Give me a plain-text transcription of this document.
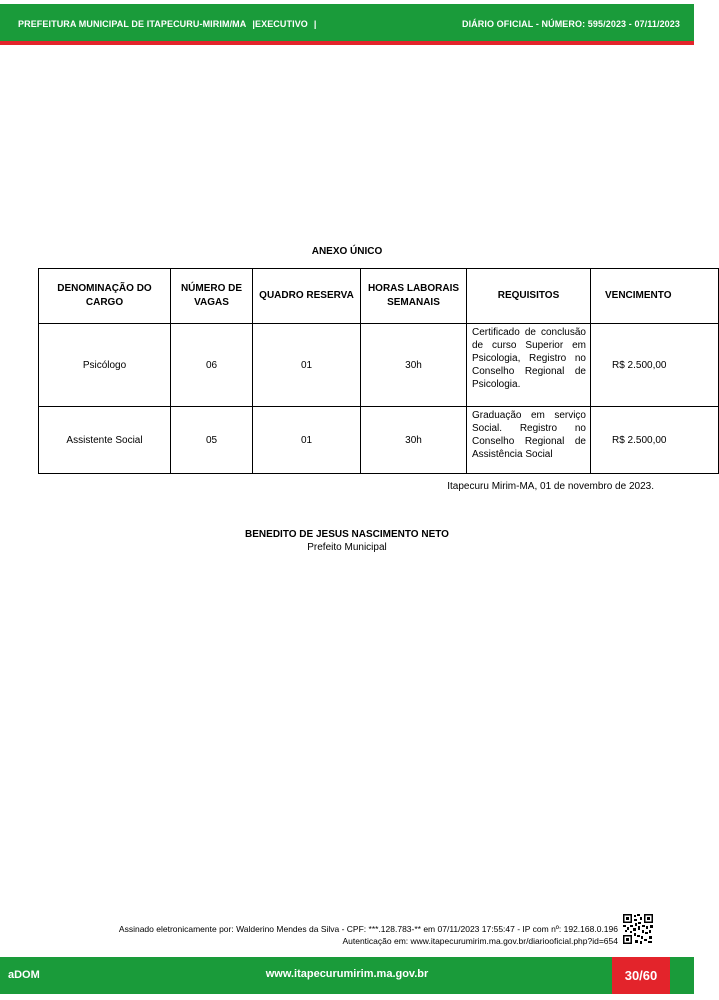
PREFEITURA MUNICIPAL DE ITAPECURU-MIRIM/MA |EXECUTIVO |	DIÁRIO OFICIAL - NÚMERO: 595/2023 - 07/11/2023
ANEXO ÚNICO
DENOMINAÇÃO DO CARGO	NÚMERO DE VAGAS	QUADRO RESERVA	HORAS LABORAIS SEMANAIS	REQUISITOS	VENCIMENTO
Psicólogo	06	01	30h	Certificado de conclusão de curso Superior em Psicologia, Registro no Conselho Regional de Psicologia.	R$ 2.500,00

Assistente Social	05	01	30h	Graduação em serviço Social. Registro no Conselho Regional de Assistência Social	R$ 2.500,00
Itapecuru Mirim-MA, 01 de novembro de 2023.
BENEDITO DE JESUS NASCIMENTO NETO
Prefeito Municipal
Assinado eletronicamente por: Walderino Mendes da Silva - CPF: ***.128.783-** em 07/11/2023 17:55:47 - IP com nº: 192.168.0.196
Autenticação em: www.itapecurumirim.ma.gov.br/diariooficial.php?id=654
www.itapecurumirim.ma.gov.br
aDOM	30/60
